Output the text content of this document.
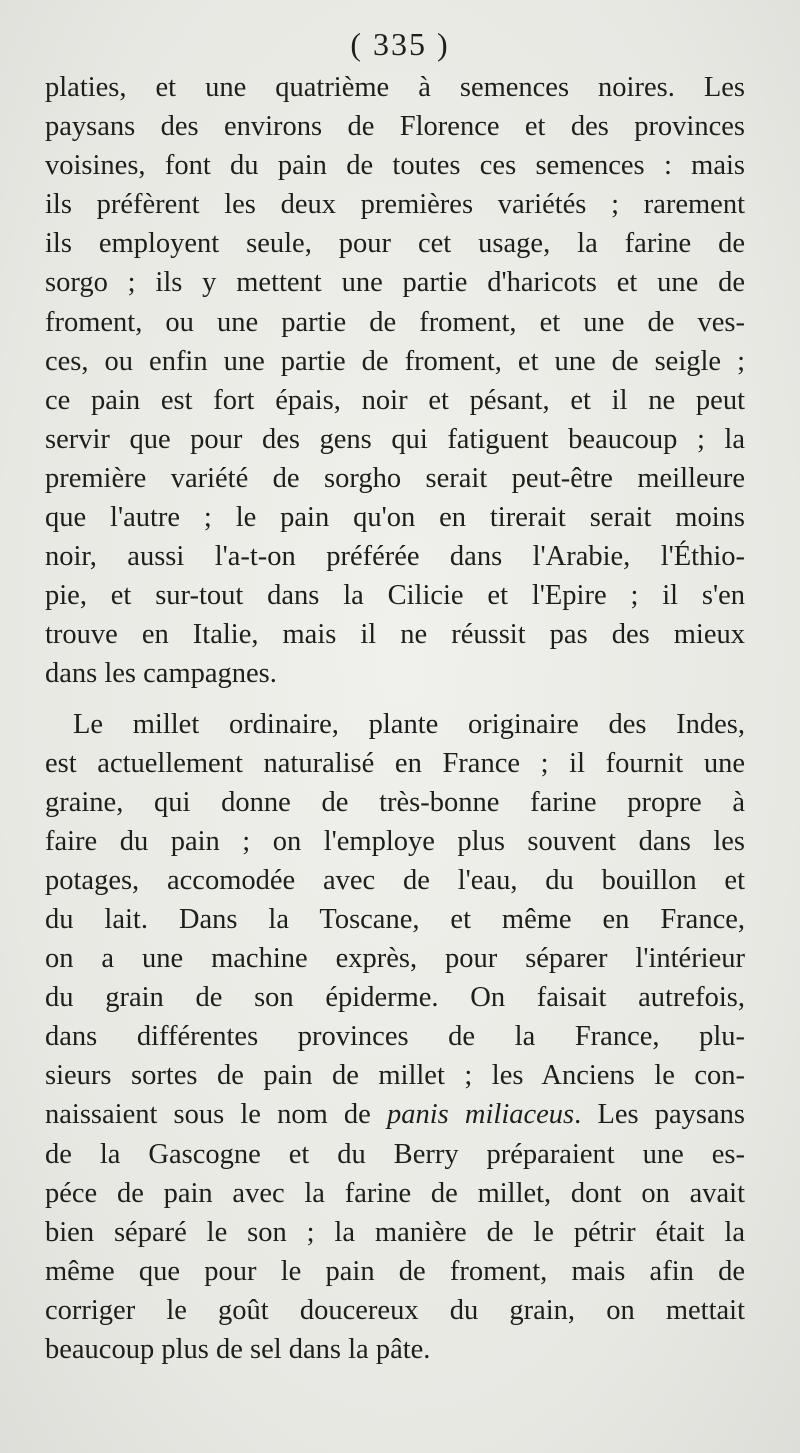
( 335 )
platies, et une quatrième à semences noires. Les
paysans des environs de Florence et des provinces
voisines, font du pain de toutes ces semences : mais
ils préfèrent les deux premières variétés ; rarement
ils employent seule, pour cet usage, la farine de
sorgo ; ils y mettent une partie d'haricots et une de
froment, ou une partie de froment, et une de ves-
ces, ou enfin une partie de froment, et une de seigle ;
ce pain est fort épais, noir et pésant, et il ne peut
servir que pour des gens qui fatiguent beaucoup ; la
première variété de sorgho serait peut-être meilleure
que l'autre ; le pain qu'on en tirerait serait moins
noir, aussi l'a-t-on préférée dans l'Arabie, l'Éthio-
pie, et sur-tout dans la Cilicie et l'Epire ; il s'en
trouve en Italie, mais il ne réussit pas des mieux
dans les campagnes.
Le millet ordinaire, plante originaire des Indes,
est actuellement naturalisé en France ; il fournit une
graine, qui donne de très-bonne farine propre à
faire du pain ; on l'employe plus souvent dans les
potages, accomodée avec de l'eau, du bouillon et
du lait. Dans la Toscane, et même en France,
on a une machine exprès, pour séparer l'intérieur
du grain de son épiderme. On faisait autrefois,
dans différentes provinces de la France, plu-
sieurs sortes de pain de millet ; les Anciens le con-
naissaient sous le nom de panis miliaceus. Les paysans
de la Gascogne et du Berry préparaient une es-
péce de pain avec la farine de millet, dont on avait
bien séparé le son ; la manière de le pétrir était la
même que pour le pain de froment, mais afin de
corriger le goût doucereux du grain, on mettait
beaucoup plus de sel dans la pâte.
